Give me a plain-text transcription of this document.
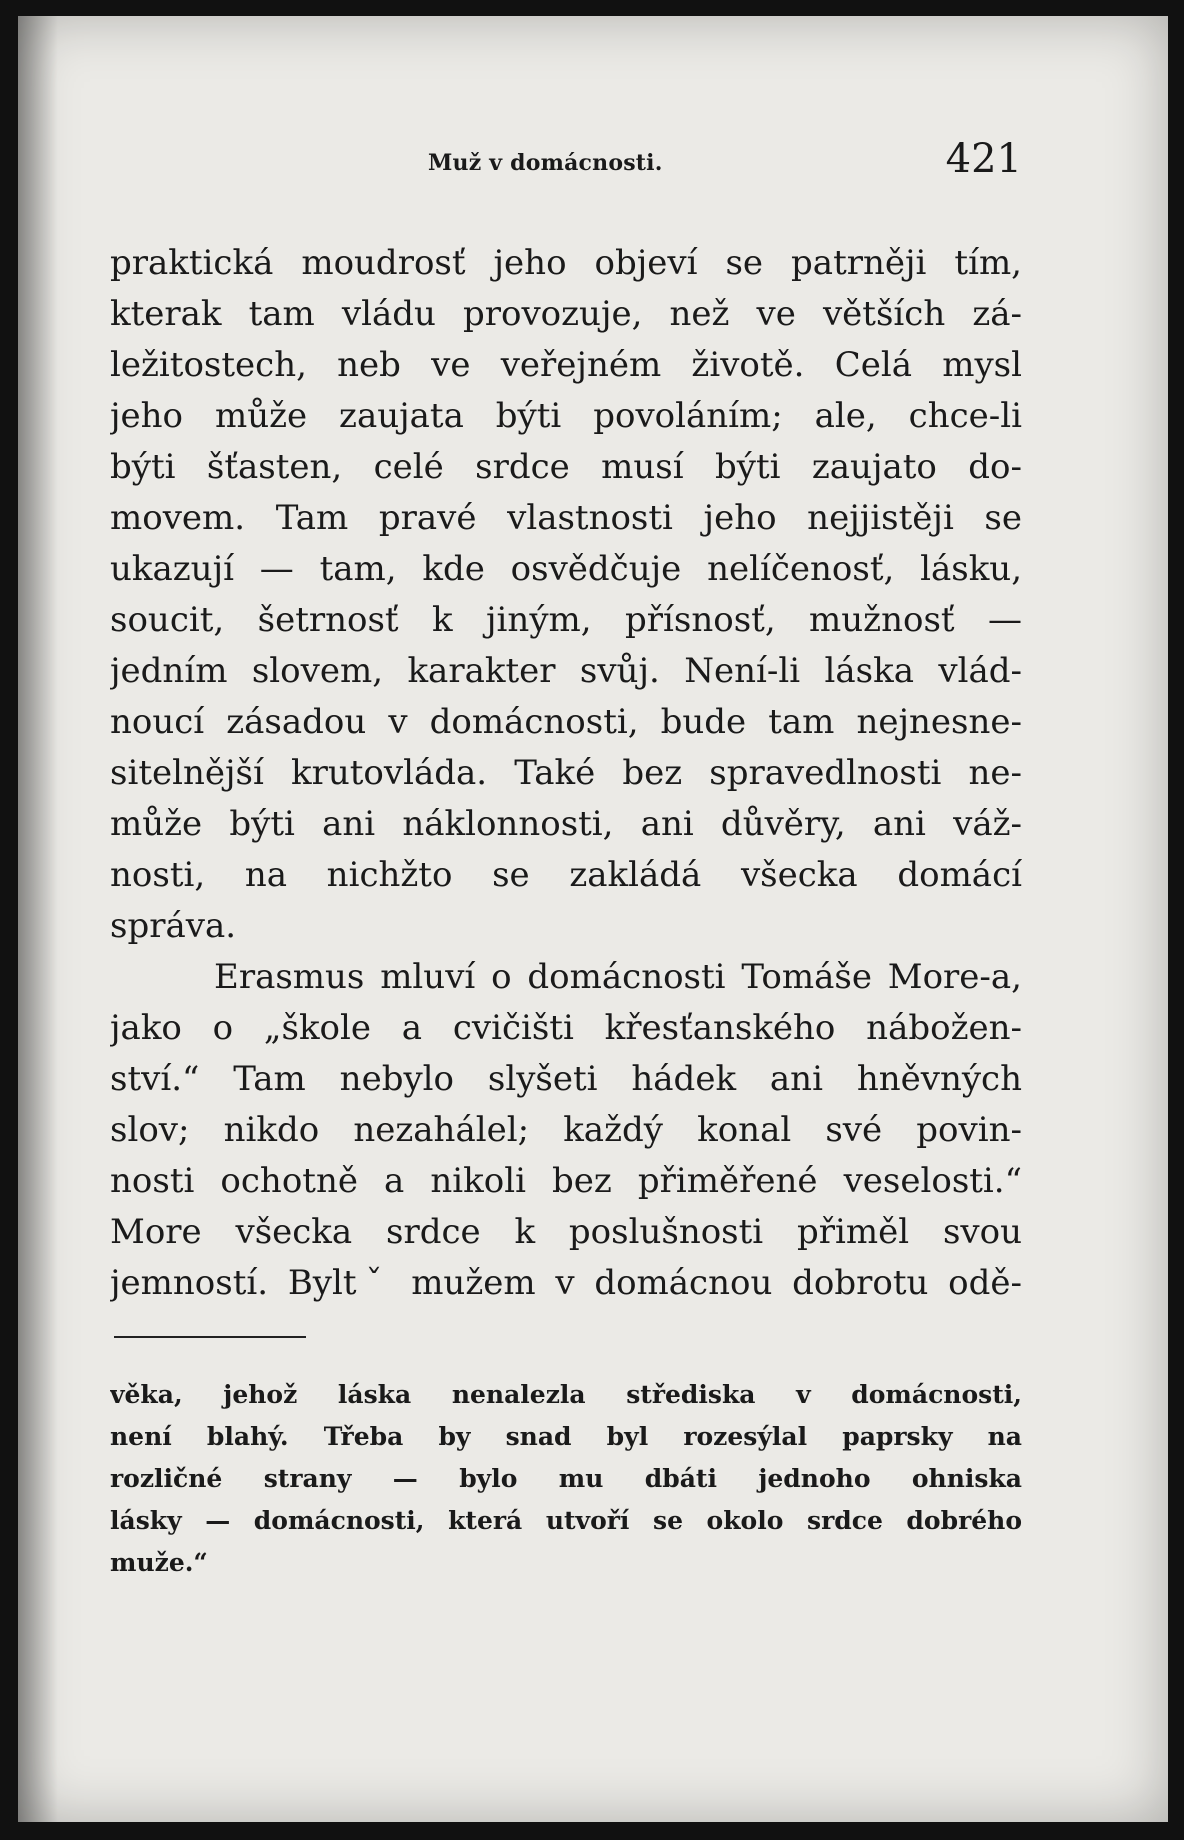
Muž v domácnosti.	421
praktická moudrosť jeho objeví se patrněji tím,
kterak tam vládu provozuje, než ve větších zá-
ležitostech, neb ve veřejném životě. Celá mysl
jeho může zaujata býti povoláním; ale, chce-li
býti šťasten, celé srdce musí býti zaujato do-
movem. Tam pravé vlastnosti jeho nejjistěji se
ukazují — tam, kde osvědčuje nelíčenosť, lásku,
soucit, šetrnosť k jiným, přísnosť, mužnosť —
jedním slovem, karakter svůj. Není-li láska vlád-
noucí zásadou v domácnosti, bude tam nejnesne-
sitelnější krutovláda. Také bez spravedlnosti ne-
může býti ani náklonnosti, ani důvěry, ani váž-
nosti, na nichžto se zakládá všecka domácí
správa.
Erasmus mluví o domácnosti Tomáše More-a,
jako o „škole a cvičišti křesťanského nábožen-
ství.“ Tam nebylo slyšeti hádek ani hněvných
slov; nikdo nezahálel; každý konal své povin-
nosti ochotně a nikoli bez přiměřené veselosti.“
More všecka srdce k poslušnosti přiměl svou
jemností. Byltˇ mužem v domácnou dobrotu odě-
věka, jehož láska nenalezla střediska v domácnosti,
není blahý. Třeba by snad byl rozesýlal paprsky na
rozličné strany — bylo mu dbáti jednoho ohniska
lásky — domácnosti, která utvoří se okolo srdce dobrého
muže.“
